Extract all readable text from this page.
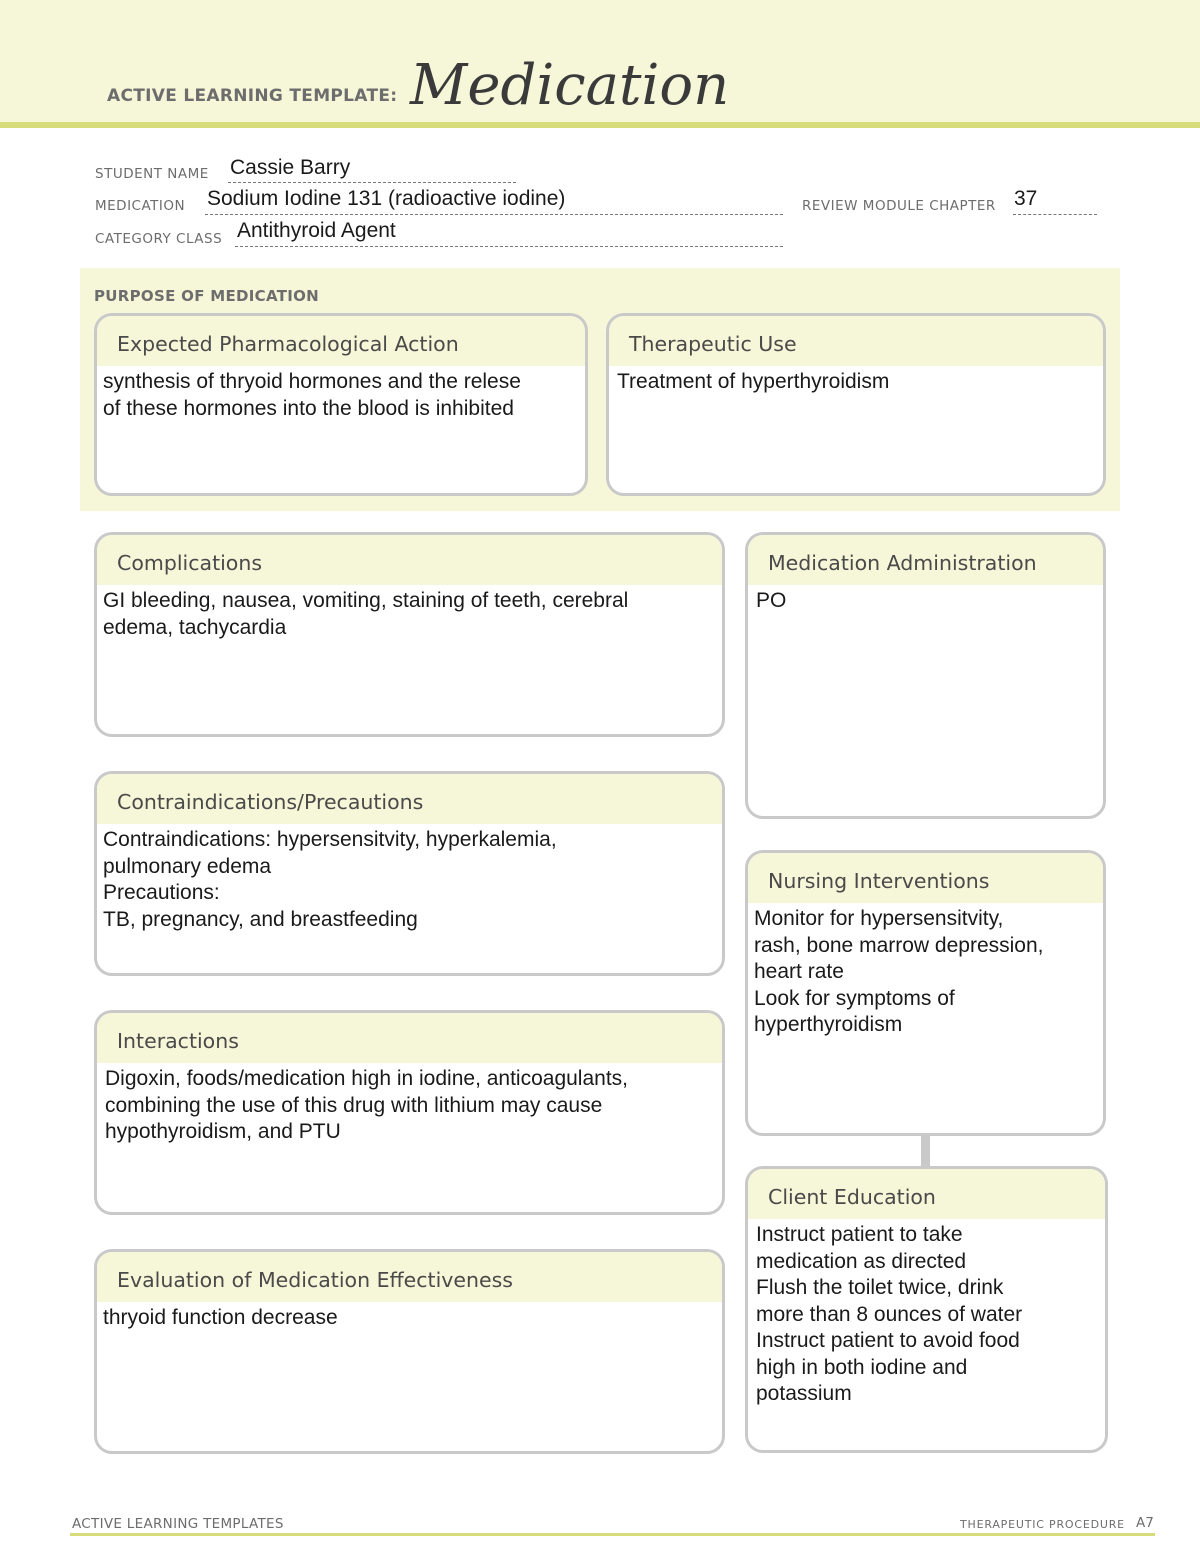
ACTIVE LEARNING TEMPLATE: Medication
STUDENT NAME Cassie Barry
MEDICATION Sodium Iodine 131 (radioactive iodine)	REVIEW MODULE CHAPTER 37
CATEGORY CLASS Antithyroid Agent
PURPOSE OF MEDICATION
Expected Pharmacological Action
synthesis of thryoid hormones and the relese
of these hormones into the blood is inhibited
Therapeutic Use
Treatment of hyperthyroidism
Complications
GI bleeding, nausea, vomiting, staining of teeth, cerebral
edema, tachycardia
Contraindications/Precautions
Contraindications: hypersensitvity, hyperkalemia,
pulmonary edema
Precautions:
TB, pregnancy, and breastfeeding
Interactions
Digoxin, foods/medication high in iodine, anticoagulants,
combining the use of this drug with lithium may cause
hypothyroidism, and PTU
Evaluation of Medication Effectiveness
thryoid function decrease
Medication Administration
PO
Nursing Interventions
Monitor for hypersensitvity,
rash, bone marrow depression,
heart rate
Look for symptoms of
hyperthyroidism
Client Education
Instruct patient to take
medication as directed
Flush the toilet twice, drink
more than 8 ounces of water
Instruct patient to avoid food
high in both iodine and
potassium
ACTIVE LEARNING TEMPLATES	THERAPEUTIC PROCEDURE A7
